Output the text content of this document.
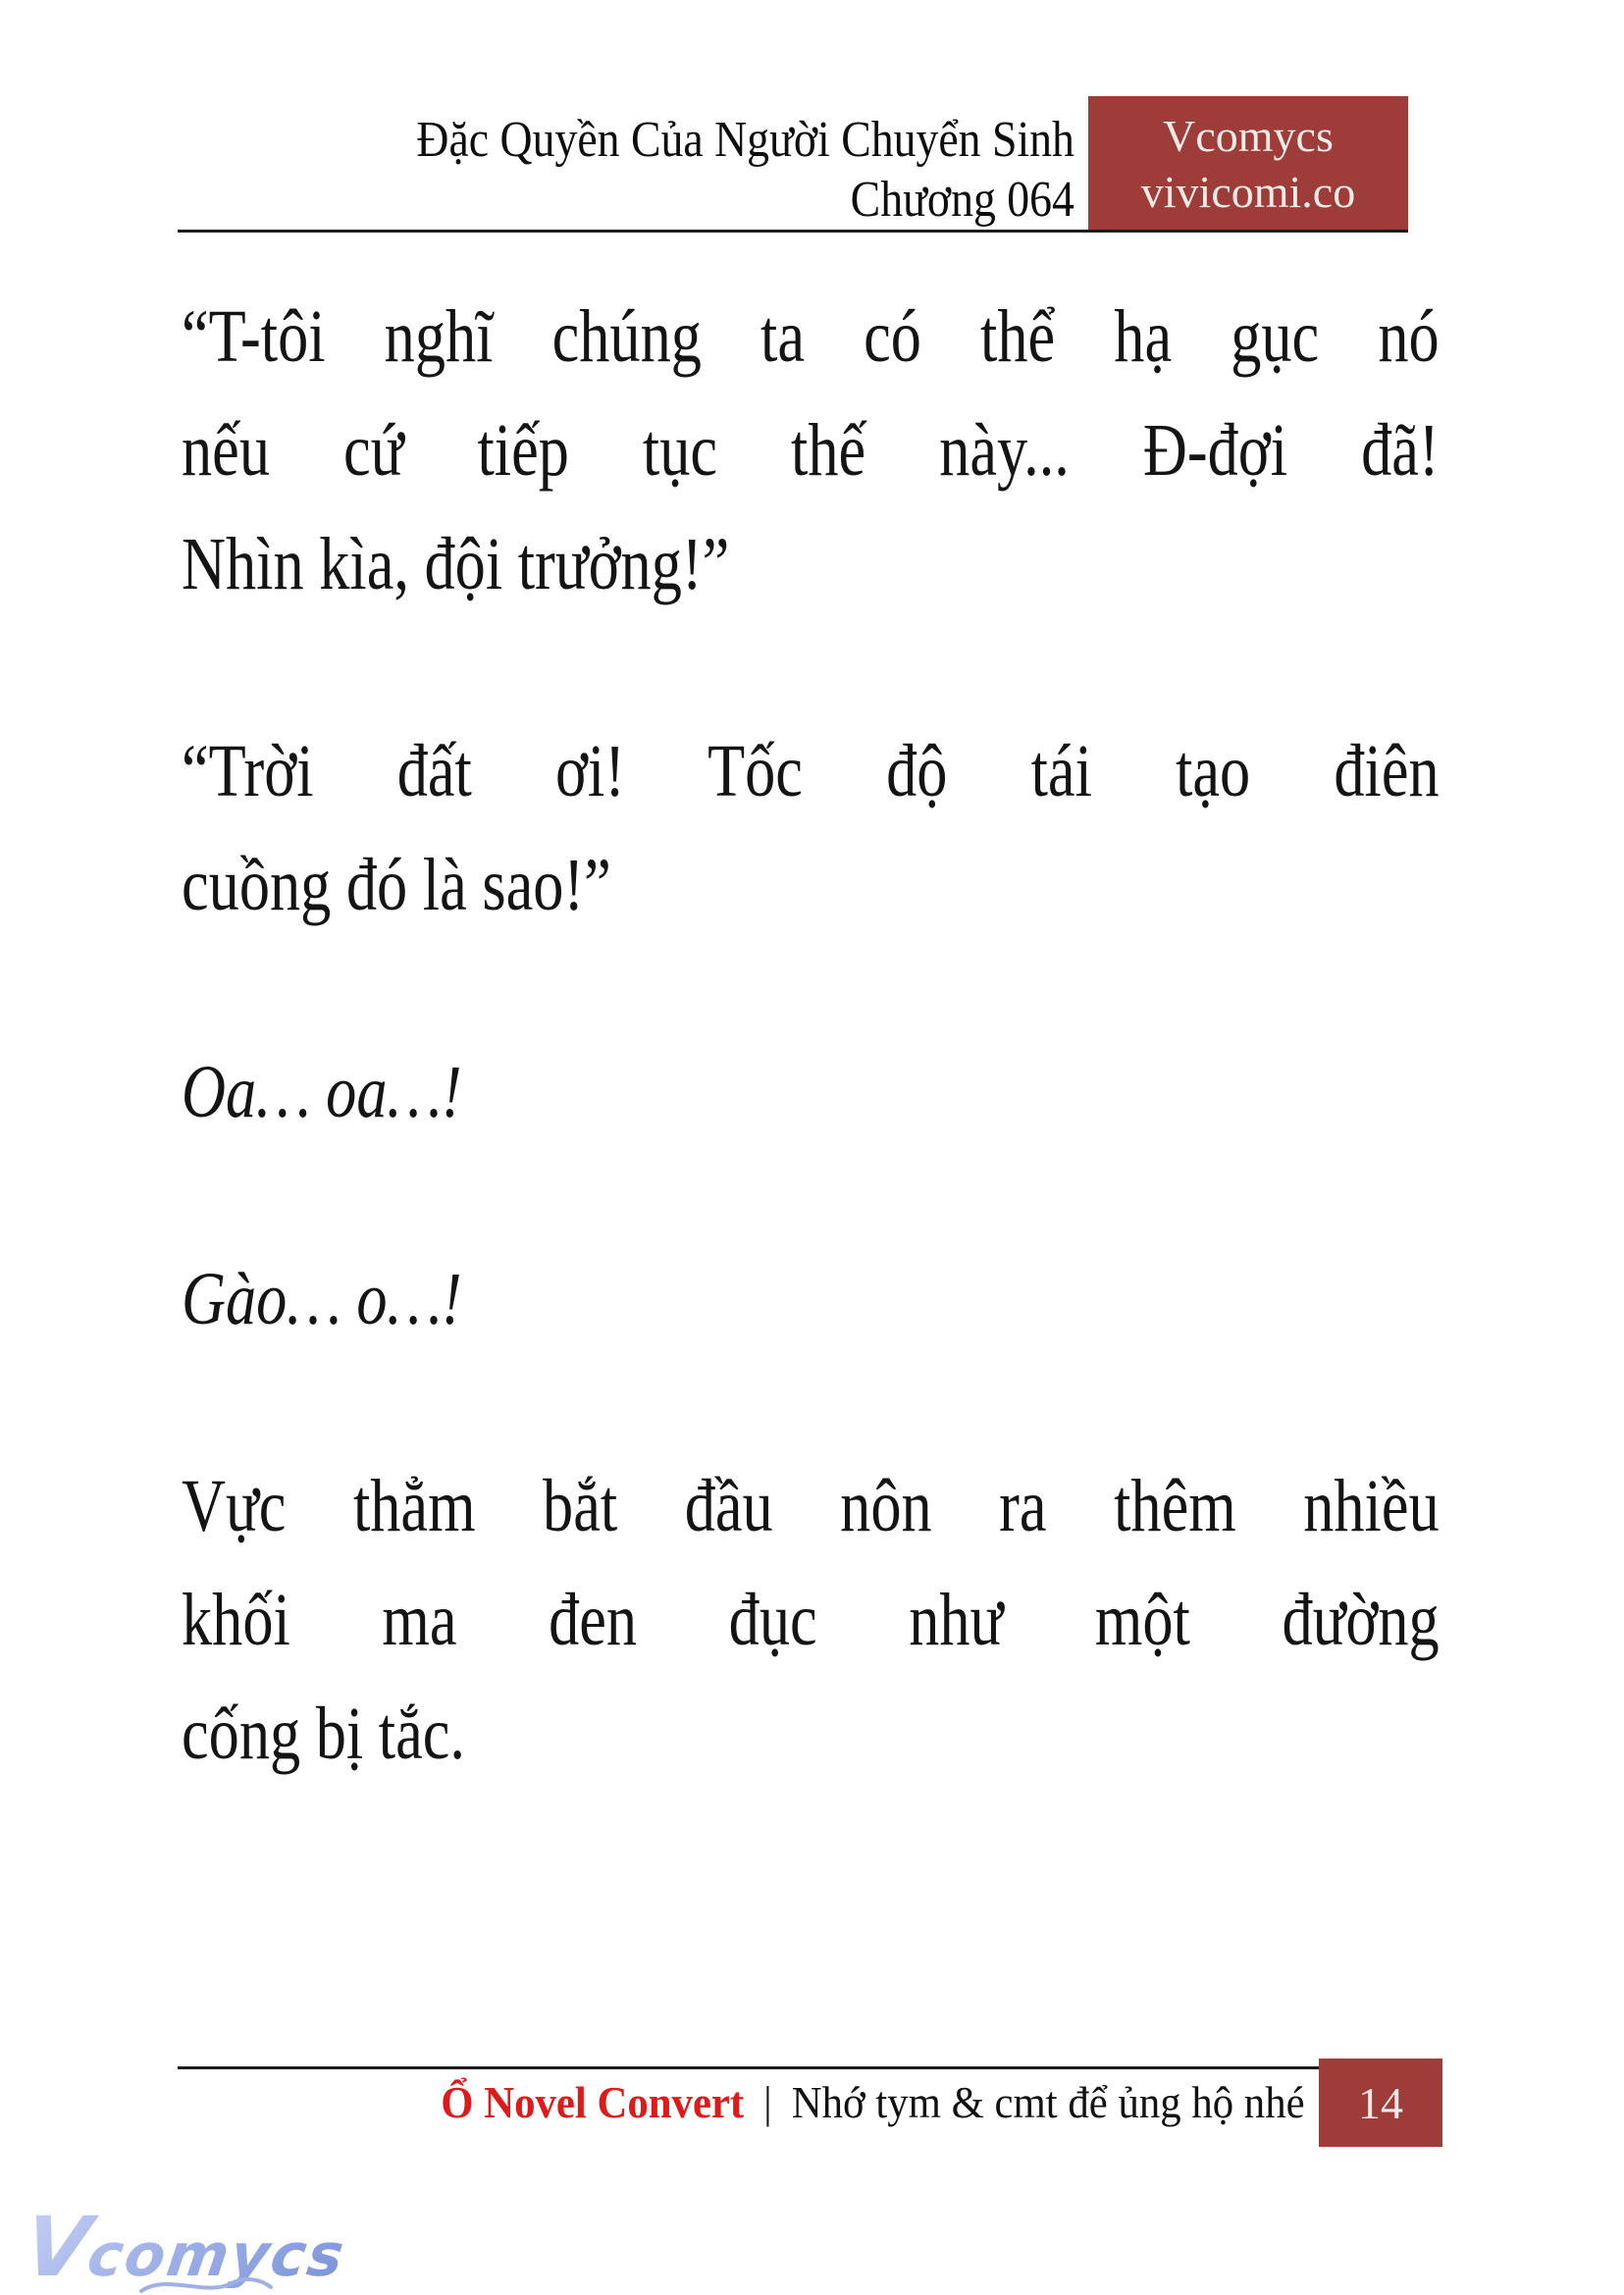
Đặc Quyền Của Người Chuyển Sinh
Chương 064
Vcomycs
vivicomi.co
“T-tôi nghĩ chúng ta có thể hạ gục nó
nếu cứ tiếp tục thế này... Đ-đợi đã!
Nhìn kìa, đội trưởng!”
“Trời đất ơi! Tốc độ tái tạo điên
cuồng đó là sao!”
Oa… oa…!
Gào… o…!
Vực thẳm bắt đầu nôn ra thêm nhiều
khối ma đen đục như một đường
cống bị tắc.
Ổ Novel Convert | Nhớ tym & cmt để ủng hộ nhé 14
Vcomycs
